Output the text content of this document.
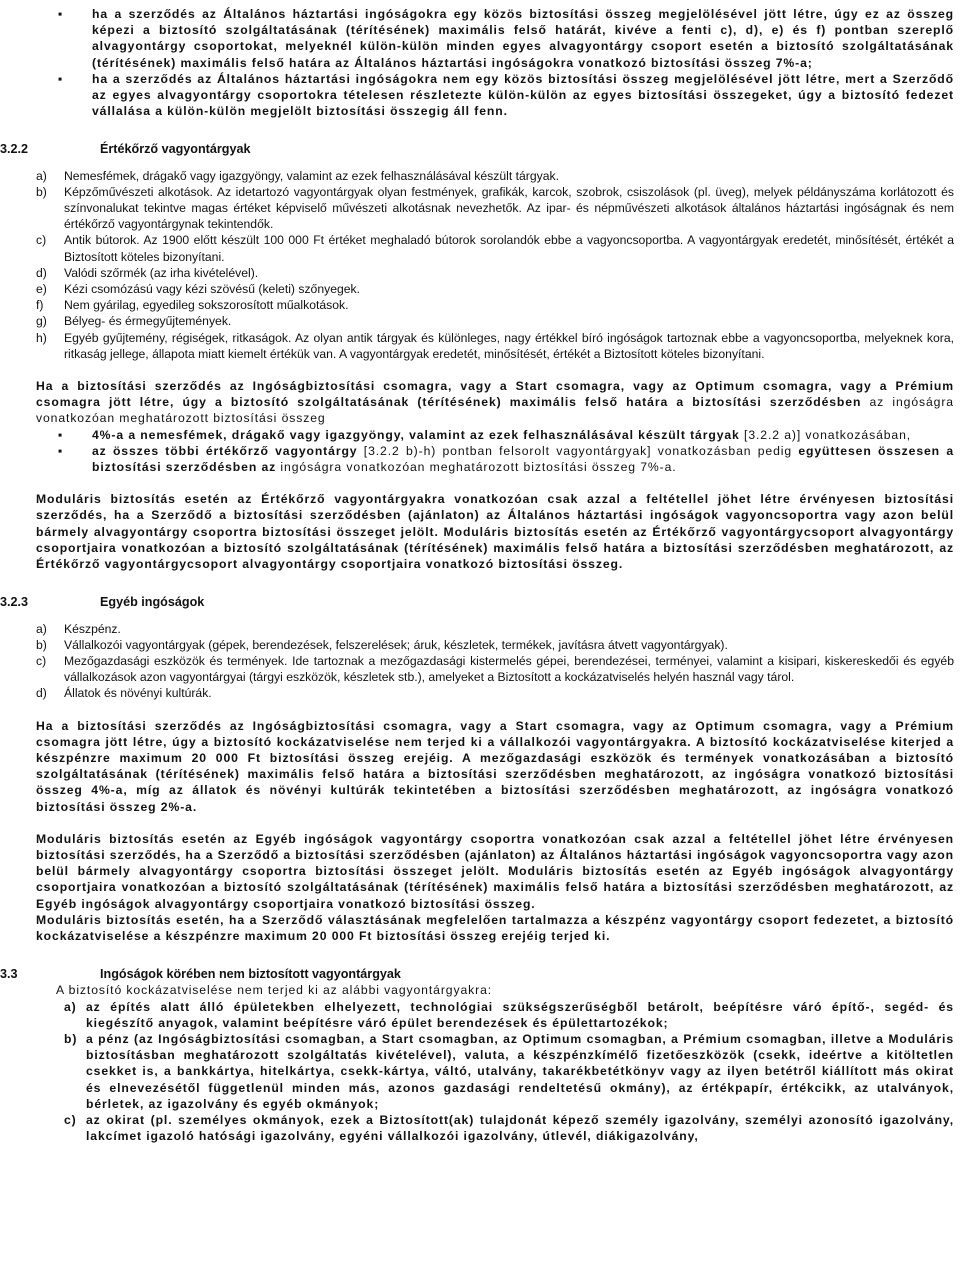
▪ ha a szerződés az Általános háztartási ingóságokra egy közös biztosítási összeg megjelölésével jött létre, úgy ez az összeg képezi a biztosító szolgáltatásának (térítésének) maximális felső határát, kivéve a fenti c), d), e) és f) pontban szereplő alvagyontárgy csoportokat, melyeknél külön-külön minden egyes alvagyontárgy csoport esetén a biztosító szolgáltatásának (térítésének) maximális felső határa az Általános háztartási ingóságokra vonatkozó biztosítási összeg 7%-a;
▪ ha a szerződés az Általános háztartási ingóságokra nem egy közös biztosítási összeg megjelölésével jött létre, mert a Szerződő az egyes alvagyontárgy csoportokra tételesen részletezte külön-külön az egyes biztosítási összegeket, úgy a biztosító fedezet vállalása a külön-külön megjelölt biztosítási összegig áll fenn.
3.2.2	Értékőrző vagyontárgyak
a) Nemesfémek, drágakő vagy igazgyöngy, valamint az ezek felhasználásával készült tárgyak.
b) Képzőművészeti alkotások. Az idetartozó vagyontárgyak olyan festmények, grafikák, karcok, szobrok, csiszolások (pl. üveg), melyek példányszáma korlátozott és színvonalukat tekintve magas értéket képviselő művészeti alkotásnak nevezhetők. Az ipar- és népművészeti alkotások általános háztartási ingóságnak és nem értékőrző vagyontárgynak tekintendők.
c) Antik bútorok. Az 1900 előtt készült 100 000 Ft értéket meghaladó bútorok sorolandók ebbe a vagyoncsoportba. A vagyontárgyak eredetét, minősítését, értékét a Biztosított köteles bizonyítani.
d) Valódi szőrmék (az irha kivételével).
e) Kézi csomózású vagy kézi szövésű (keleti) szőnyegek.
f) Nem gyárilag, egyedileg sokszorosított műalkotások.
g) Bélyeg- és érmegyűjtemények.
h) Egyéb gyűjtemény, régiségek, ritkaságok. Az olyan antik tárgyak és különleges, nagy értékkel bíró ingóságok tartoznak ebbe a vagyoncsoportba, melyeknek kora, ritkaság jellege, állapota miatt kiemelt értékük van. A vagyontárgyak eredetét, minősítését, értékét a Biztosított köteles bizonyítani.

Ha a biztosítási szerződés az Ingóságbiztosítási csomagra, vagy a Start csomagra, vagy az Optimum csomagra, vagy a Prémium csomagra jött létre, úgy a biztosító szolgáltatásának (térítésének) maximális felső határa a biztosítási szerződésben az ingóságra vonatkozóan meghatározott biztosítási összeg

▪ 4%-a a nemesfémek, drágakő vagy igazgyöngy, valamint az ezek felhasználásával készült tárgyak [3.2.2 a)] vonatkozásában,
▪ az összes többi értékőrző vagyontárgy [3.2.2 b)-h) pontban felsorolt vagyontárgyak] vonatkozásban pedig együttesen összesen a biztosítási szerződésben az ingóságra vonatkozóan meghatározott biztosítási összeg 7%-a.

Moduláris biztosítás esetén az Értékőrző vagyontárgyakra vonatkozóan csak azzal a feltétellel jöhet létre érvényesen biztosítási szerződés, ha a Szerződő a biztosítási szerződésben (ajánlaton) az Általános háztartási ingóságok vagyoncsoportra vagy azon belül bármely alvagyontárgy csoportra biztosítási összeget jelölt. Moduláris biztosítás esetén az Értékőrző vagyontárgycsoport alvagyontárgy csoportjaira vonatkozóan a biztosító szolgáltatásának (térítésének) maximális felső határa a biztosítási szerződésben meghatározott, az Értékőrző vagyontárgycsoport alvagyontárgy csoportjaira vonatkozó biztosítási összeg.

3.2.3	Egyéb ingóságok
a) Készpénz.
b) Vállalkozói vagyontárgyak (gépek, berendezések, felszerelések; áruk, készletek, termékek, javításra átvett vagyontárgyak).
c) Mezőgazdasági eszközök és termények. Ide tartoznak a mezőgazdasági kistermelés gépei, berendezései, terményei, valamint a kisipari, kiskereskedői és egyéb vállalkozások azon vagyontárgyai (tárgyi eszközök, készletek stb.), amelyeket a Biztosított a kockázatviselés helyén használ vagy tárol.
d) Állatok és növényi kultúrák.

Ha a biztosítási szerződés az Ingóságbiztosítási csomagra, vagy a Start csomagra, vagy az Optimum csomagra, vagy a Prémium csomagra jött létre, úgy a biztosító kockázatviselése nem terjed ki a vállalkozói vagyontárgyakra. A biztosító kockázatviselése kiterjed a készpénzre maximum 20 000 Ft biztosítási összeg erejéig. A mezőgazdasági eszközök és termények vonatkozásában a biztosító szolgáltatásának (térítésének) maximális felső határa a biztosítási szerződésben meghatározott, az ingóságra vonatkozó biztosítási összeg 4%-a, míg az állatok és növényi kultúrák tekintetében a biztosítási szerződésben meghatározott, az ingóságra vonatkozó biztosítási összeg 2%-a.

Moduláris biztosítás esetén az Egyéb ingóságok vagyontárgy csoportra vonatkozóan csak azzal a feltétellel jöhet létre érvényesen biztosítási szerződés, ha a Szerződő a biztosítási szerződésben (ajánlaton) az Általános háztartási ingóságok vagyoncsoportra vagy azon belül bármely alvagyontárgy csoportra biztosítási összeget jelölt. Moduláris biztosítás esetén az Egyéb ingóságok alvagyontárgy csoportjaira vonatkozóan a biztosító szolgáltatásának (térítésének) maximális felső határa a biztosítási szerződésben meghatározott, az Egyéb ingóságok alvagyontárgy csoportjaira vonatkozó biztosítási összeg.

Moduláris biztosítás esetén, ha a Szerződő választásának megfelelően tartalmazza a készpénz vagyontárgy csoport fedezetet, a biztosító kockázatviselése a készpénzre maximum 20 000 Ft biztosítási összeg erejéig terjed ki.

3.3	Ingóságok körében nem biztosított vagyontárgyak

A biztosító kockázatviselése nem terjed ki az alábbi vagyontárgyakra:

a) az építés alatt álló épületekben elhelyezett, technológiai szükségszerűségből betárolt, beépítésre váró építő-, segéd- és kiegészítő anyagok, valamint beépítésre váró épület berendezések és épülettartozékok;
b) a pénz (az Ingóságbiztosítási csomagban, a Start csomagban, az Optimum csomagban, a Prémium csomagban, illetve a Moduláris biztosításban meghatározott szolgáltatás kivételével), valuta, a készpénzkímélő fizetőeszközök (csekk, ideértve a kitöltetlen csekket is, a bankkártya, hitelkártya, csekk-kártya, váltó, utalvány, takarékbetétkönyv vagy az ilyen betétről kiállított más okirat és elnevezésétől függetlenül minden más, azonos gazdasági rendeltetésű okmány), az értékpapír, értékcikk, az utalványok, bérletek, az igazolvány és egyéb okmányok;
c) az okirat (pl. személyes okmányok, ezek a Biztosított(ak) tulajdonát képező személy igazolvány, személyi azonosító igazolvány, lakcímet igazoló hatósági igazolvány, egyéni vállalkozói igazolvány, útlevél, diákigazolvány,
